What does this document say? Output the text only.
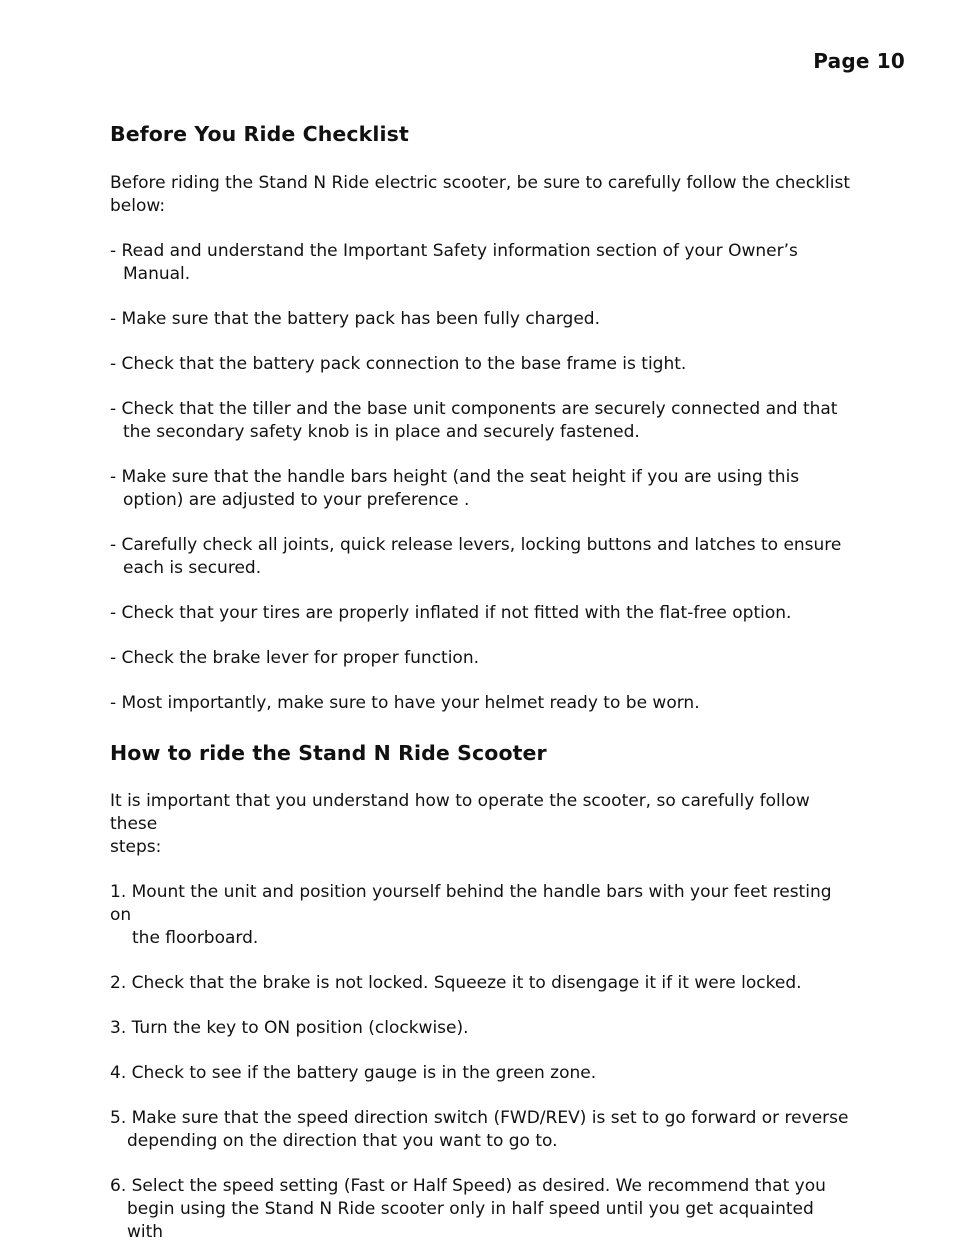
Page 10
Before You Ride Checklist

Before riding the Stand N Ride electric scooter, be sure to carefully follow the checklist
below:

- Read and understand the Important Safety information section of your Owner’s
Manual.
- Make sure that the battery pack has been fully charged.
- Check that the battery pack connection to the base frame is tight.
- Check that the tiller and the base unit components are securely connected and that
the secondary safety knob is in place and securely fastened.
- Make sure that the handle bars height (and the seat height if you are using this
option) are adjusted to your preference .
- Carefully check all joints, quick release levers, locking buttons and latches to ensure
each is secured.
- Check that your tires are properly inflated if not fitted with the flat-free option.
- Check the brake lever for proper function.
- Most importantly, make sure to have your helmet ready to be worn.
How to ride the Stand N Ride Scooter

It is important that you understand how to operate the scooter, so carefully follow these
steps:

1. Mount the unit and position yourself behind the handle bars with your feet resting on
the floorboard.
2. Check that the brake is not locked. Squeeze it to disengage it if it were locked.
3. Turn the key to ON position (clockwise).
4. Check to see if the battery gauge is in the green zone.
5. Make sure that the speed direction switch (FWD/REV) is set to go forward or reverse
depending on the direction that you want to go to.
6. Select the speed setting (Fast or Half Speed) as desired. We recommend that you
begin using the Stand N Ride scooter only in half speed until you get acquainted with
